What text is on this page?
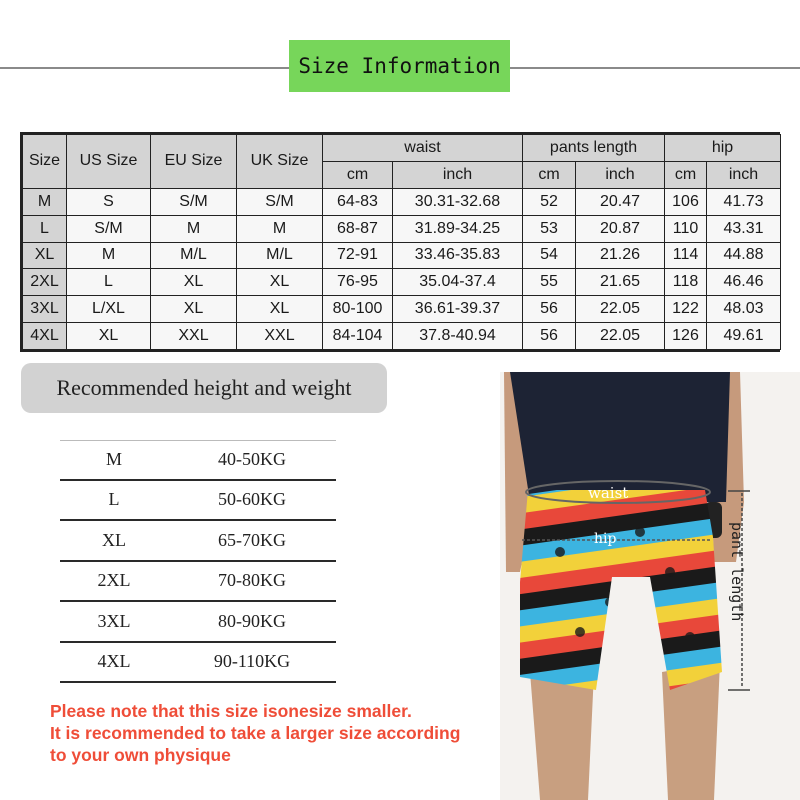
Size Information
Size	US Size	EU Size	UK Size	waist		pants length		hip	
				cm	inch	cm	inch	cm	inch
M	S	S/M	S/M	64-83	30.31-32.68	52	20.47	106	41.73
L	S/M	M	M	68-87	31.89-34.25	53	20.87	110	43.31
XL	M	M/L	M/L	72-91	33.46-35.83	54	21.26	114	44.88
2XL	L	XL	XL	76-95	35.04-37.4	55	21.65	118	46.46
3XL	L/XL	XL	XL	80-100	36.61-39.37	56	22.05	122	48.03
4XL	XL	XXL	XXL	84-104	37.8-40.94	56	22.05	126	49.61
Recommended height and weight
M	40-50KG
L	50-60KG
XL	65-70KG
2XL	70-80KG
3XL	80-90KG
4XL	90-110KG
Please note that this size isonesize smaller.
It is recommended to take a larger size according
to your own physique
waist
hip	pant length
